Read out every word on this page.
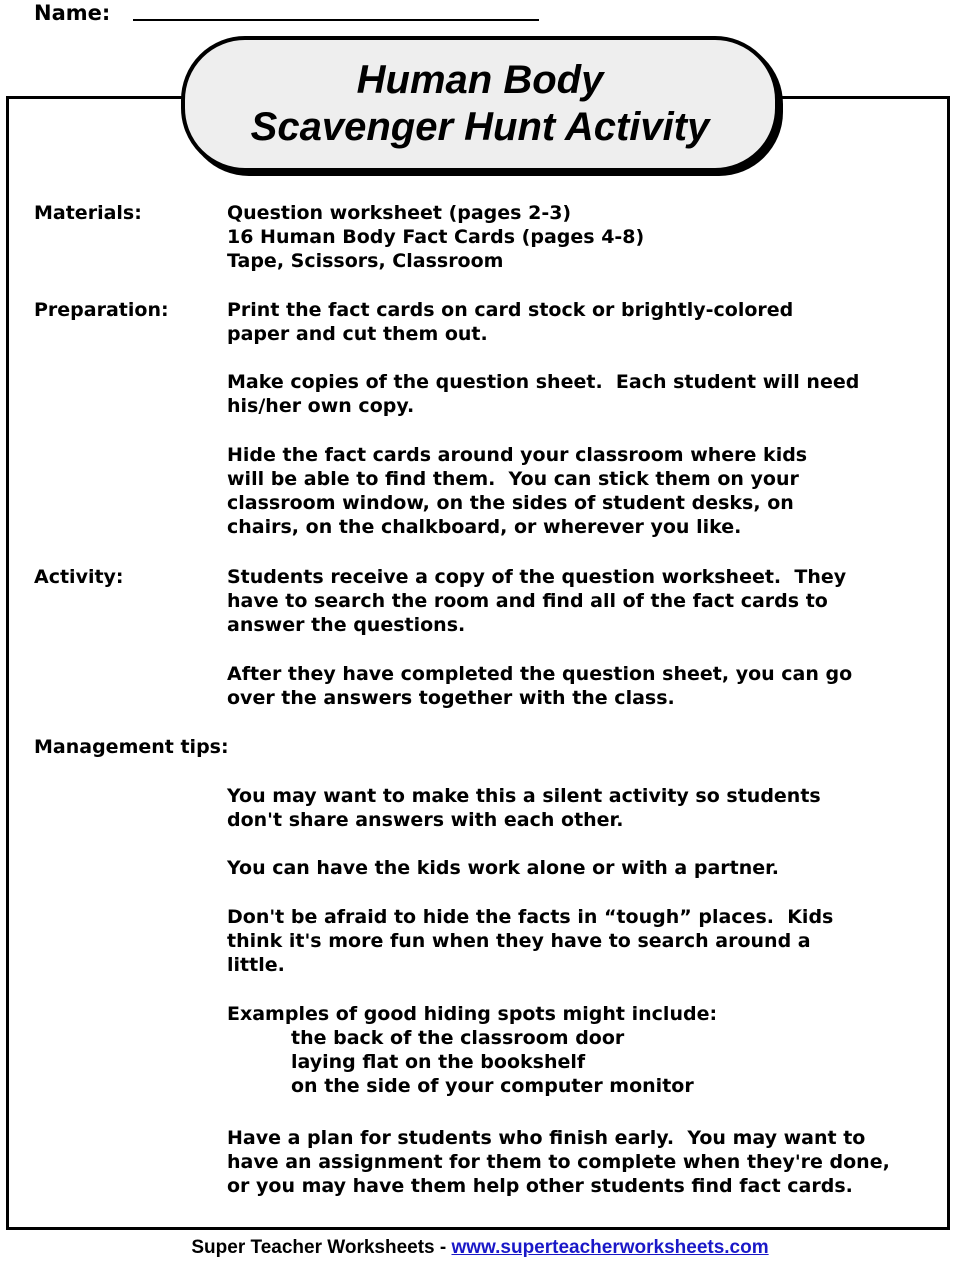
Name:
Human Body
Scavenger Hunt Activity
Materials:	Question worksheet (pages 2-3)
16 Human Body Fact Cards (pages 4-8)
Tape, Scissors, Classroom
Preparation:	Print the fact cards on card stock or brightly-colored
paper and cut them out.
Make copies of the question sheet.  Each student will need
his/her own copy.
Hide the fact cards around your classroom where kids
will be able to find them.  You can stick them on your
classroom window, on the sides of student desks, on
chairs, on the chalkboard, or wherever you like.
Activity:	Students receive a copy of the question worksheet.  They
have to search the room and find all of the fact cards to
answer the questions.
After they have completed the question sheet, you can go
over the answers together with the class.
Management tips:
You may want to make this a silent activity so students
don't share answers with each other.
You can have the kids work alone or with a partner.
Don't be afraid to hide the facts in “tough” places.  Kids
think it's more fun when they have to search around a
little.
Examples of good hiding spots might include:
the back of the classroom door
laying flat on the bookshelf
on the side of your computer monitor
Have a plan for students who finish early.  You may want to
have an assignment for them to complete when they're done,
or you may have them help other students find fact cards.
Super Teacher Worksheets - www.superteacherworksheets.com
